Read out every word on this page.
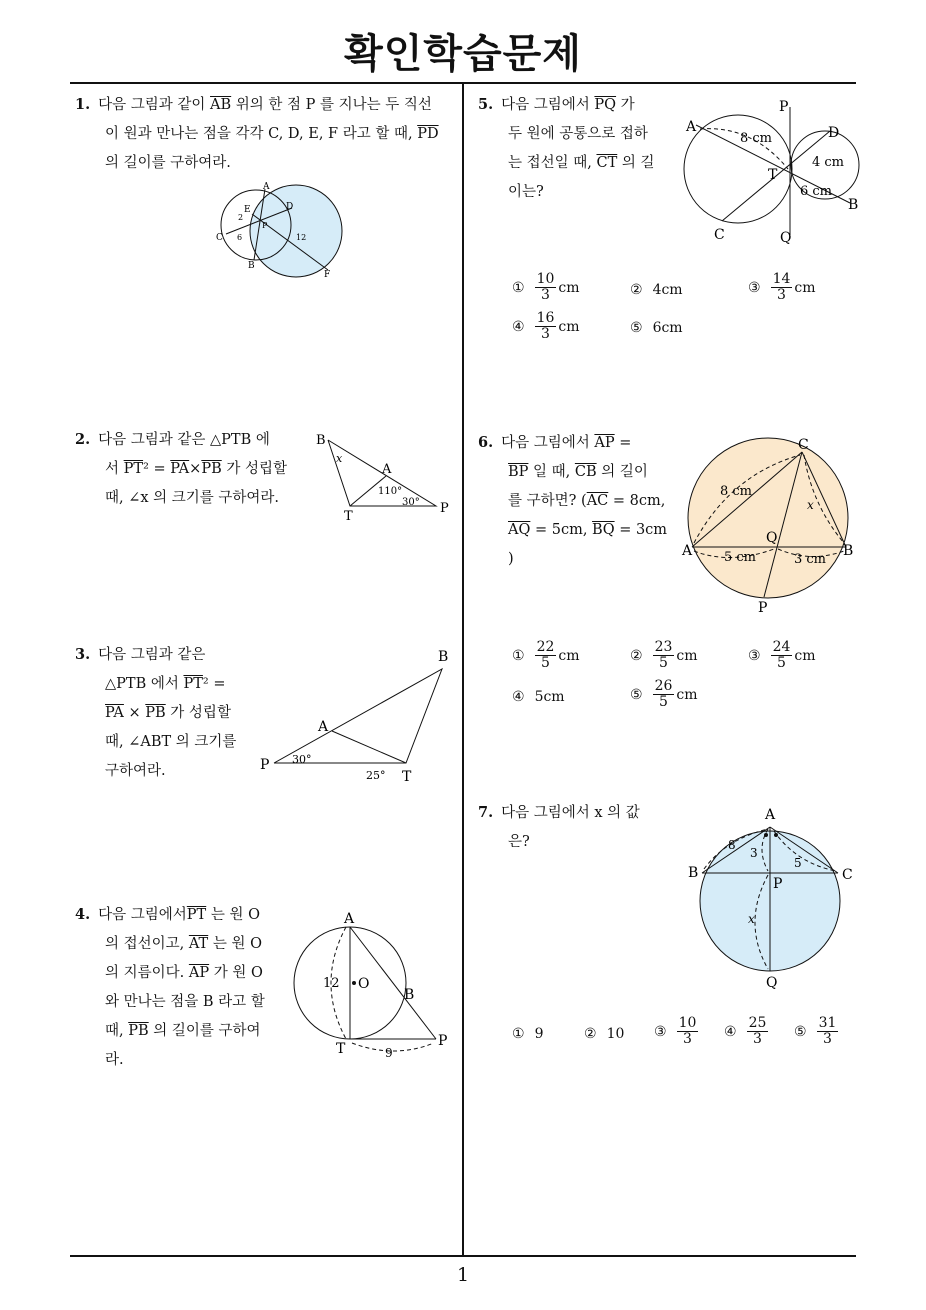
확인학습문제
1
1. 다음 그림과 같이 $\overline{AB}$ 위의 한 점 P 를 지나는 두 직선
이 원과 만나는 점을 각각 C, D, E, F 라고 할 때, $\overline{PD}$
의 길이를 구하여라.
A
B
C
D
E
F
P
2
6	12
2. 다음 그림과 같은 △PTB 에
서 $\overline{PT}^2 = \overline{PA}\times\overline{PB}$ 가 성립할
때, ∠x 의 크기를 구하여라.
B
A
T
P
x
110°
30°
3. 다음 그림과 같은
△PTB 에서 $\overline{PT}^2$ =
$\overline{PA} \times \overline{PB}$ 가 성립할
때, ∠ABT 의 크기를
구하여라.
B
A
P
T
30°
25°
4. 다음 그림에서$\overline{PT}$ 는 원 O
의 접선이고, $\overline{AT}$ 는 원 O
의 지름이다. $\overline{AP}$ 가 원 O
와 만나는 점을 B 라고 할
때, $\overline{PB}$ 의 길이를 구하여
라.
A
O
B
T	P
12
9
5. 다음 그림에서 $\overline{PQ}$ 가
두 원에 공통으로 접하
는 접선일 때, $\overline{CT}$ 의 길
이는?
P
A	D
T
C	Q
B
8 cm
4 cm
6 cm
① $\frac{10}{3}$ cm	② 4cm	③ $\frac{14}{3}$ cm
④ $\frac{16}{3}$ cm	⑤ 6cm
6. 다음 그림에서 $\overline{AP}$ =
$\overline{BP}$ 일 때, $\overline{CB}$ 의 길이
를 구하면? ($\overline{AC} = 8cm$,
$\overline{AQ} = 5cm$, $\overline{BQ} = 3cm$
)
C
A
Q
B
P
x
8 cm
5 cm	3 cm
① $\frac{22}{5}$ cm	② $\frac{23}{5}$ cm	③ $\frac{24}{5}$ cm
④ 5cm	⑤ $\frac{26}{5}$ cm
7. 다음 그림에서 x 의 값
은?
A
B	C
P
Q
x
8
3
5
① 9	② 10 ③ $\frac{10}{3}$ ④ $\frac{25}{3}$ ⑤ $\frac{31}{3}$
